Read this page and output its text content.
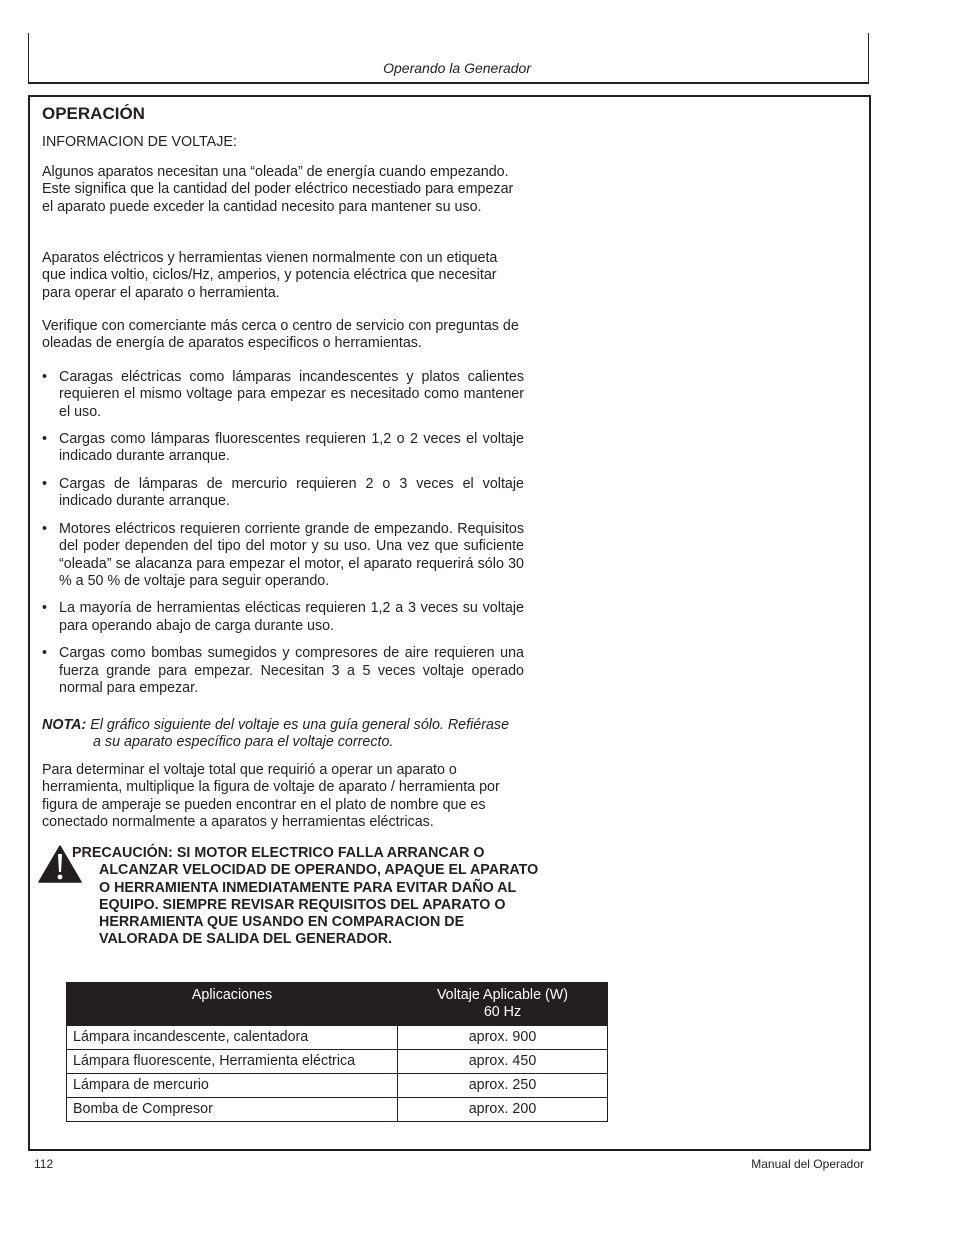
Operando la Generador
OPERACIÓN

INFORMACION DE VOLTAJE:

Algunos aparatos necesitan una “oleada” de energía cuando empezando. Este significa que la cantidad del poder eléctrico necestiado para empezar el aparato puede exceder la cantidad necesito para mantener su uso.

Aparatos eléctricos y herramientas vienen normalmente con un etiqueta que indica voltio, ciclos/Hz, amperios, y potencia eléctrica que necesitar para operar el aparato o herramienta.

Verifique con comerciante más cerca o centro de servicio con preguntas de oleadas de energía de aparatos especificos o herramientas.

• Caragas eléctricas como lámparas incandescentes y platos calientes requieren el mismo voltage para empezar es necesitado como mantener el uso.
• Cargas como lámparas fluorescentes requieren 1,2 o 2 veces el voltaje indicado durante arranque.
• Cargas de lámparas de mercurio requieren 2 o 3 veces el voltaje indicado durante arranque.
• Motores eléctricos requieren corriente grande de empezando. Requisitos del poder dependen del tipo del motor y su uso. Una vez que suficiente “oleada” se alacanza para empezar el motor, el aparato requerirá sólo 30 % a 50 % de voltaje para seguir operando.
• La mayoría de herramientas elécticas requieren 1,2 a 3 veces su voltaje para operando abajo de carga durante uso.
• Cargas como bombas sumegidos y compresores de aire requieren una fuerza grande para empezar. Necesitan 3 a 5 veces voltaje operado normal para empezar.
NOTA: El gráfico siguiente del voltaje es una guía general sólo. Refiérase
a su aparato específico para el voltaje correcto.

Para determinar el voltaje total que requirió a operar un aparato o herramienta, multiplique la figura de voltaje de aparato / herramienta por figura de amperaje se pueden encontrar en el plato de nombre que es conectado normalmente a aparatos y herramientas eléctricas.

PRECAUCIÓN: SI MOTOR ELECTRICO FALLA ARRANCAR O
ALCANZAR VELOCIDAD DE OPERANDO, APAQUE EL APARATO O HERRAMIENTA INMEDIATAMENTE PARA EVITAR DAÑO AL EQUIPO. SIEMPRE REVISAR REQUISITOS DEL APARATO O HERRAMIENTA QUE USANDO EN COMPARACION DE VALORADA DE SALIDA DEL GENERADOR.
Aplicaciones	Voltaje Aplicable (W)
60 Hz
Lámpara incandescente, calentadora	aprox. 900
Lámpara fluorescente, Herramienta eléctrica	aprox. 450
Lámpara de mercurio	aprox. 250
Bomba de Compresor	aprox. 200
112	Manual del Operador
